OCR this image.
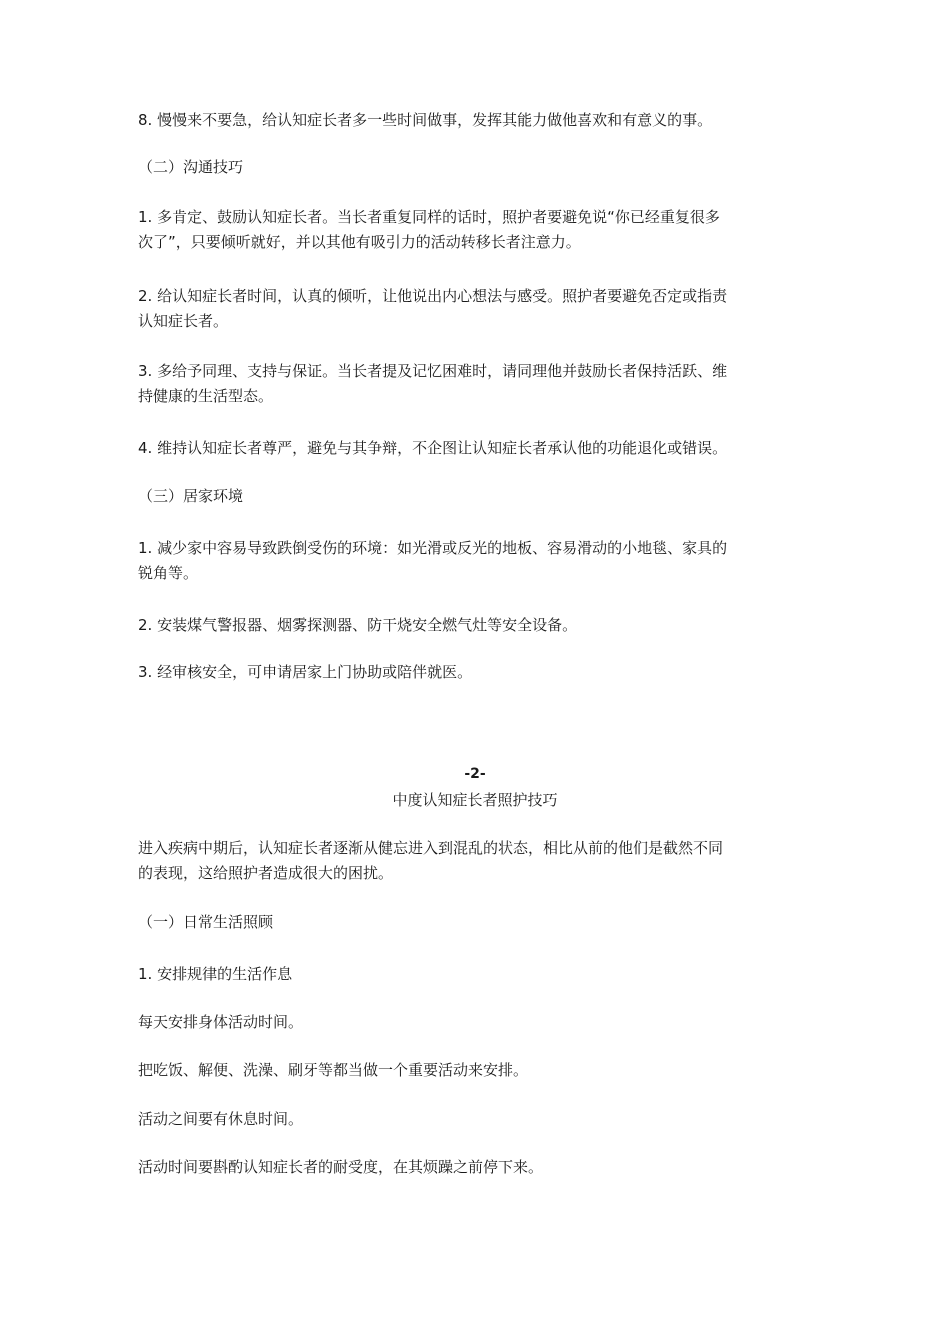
8. 慢慢来不要急，给认知症长者多一些时间做事，发挥其能力做他喜欢和有意义的事。
（二）沟通技巧
1. 多肯定、鼓励认知症长者。当长者重复同样的话时，照护者要避免说“你已经重复很多
次了”，只要倾听就好，并以其他有吸引力的活动转移长者注意力。
2. 给认知症长者时间，认真的倾听，让他说出内心想法与感受。照护者要避免否定或指责
认知症长者。
3. 多给予同理、支持与保证。当长者提及记忆困难时，请同理他并鼓励长者保持活跃、维
持健康的生活型态。
4. 维持认知症长者尊严，避免与其争辩，不企图让认知症长者承认他的功能退化或错误。
（三）居家环境
1. 减少家中容易导致跌倒受伤的环境：如光滑或反光的地板、容易滑动的小地毯、家具的
锐角等。
2. 安装煤气警报器、烟雾探测器、防干烧安全燃气灶等安全设备。
3. 经审核安全，可申请居家上门协助或陪伴就医。
-2-
中度认知症长者照护技巧
进入疾病中期后，认知症长者逐渐从健忘进入到混乱的状态，相比从前的他们是截然不同
的表现，这给照护者造成很大的困扰。
（一）日常生活照顾
1. 安排规律的生活作息
每天安排身体活动时间。
把吃饭、解便、洗澡、刷牙等都当做一个重要活动来安排。
活动之间要有休息时间。
活动时间要斟酌认知症长者的耐受度，在其烦躁之前停下来。
